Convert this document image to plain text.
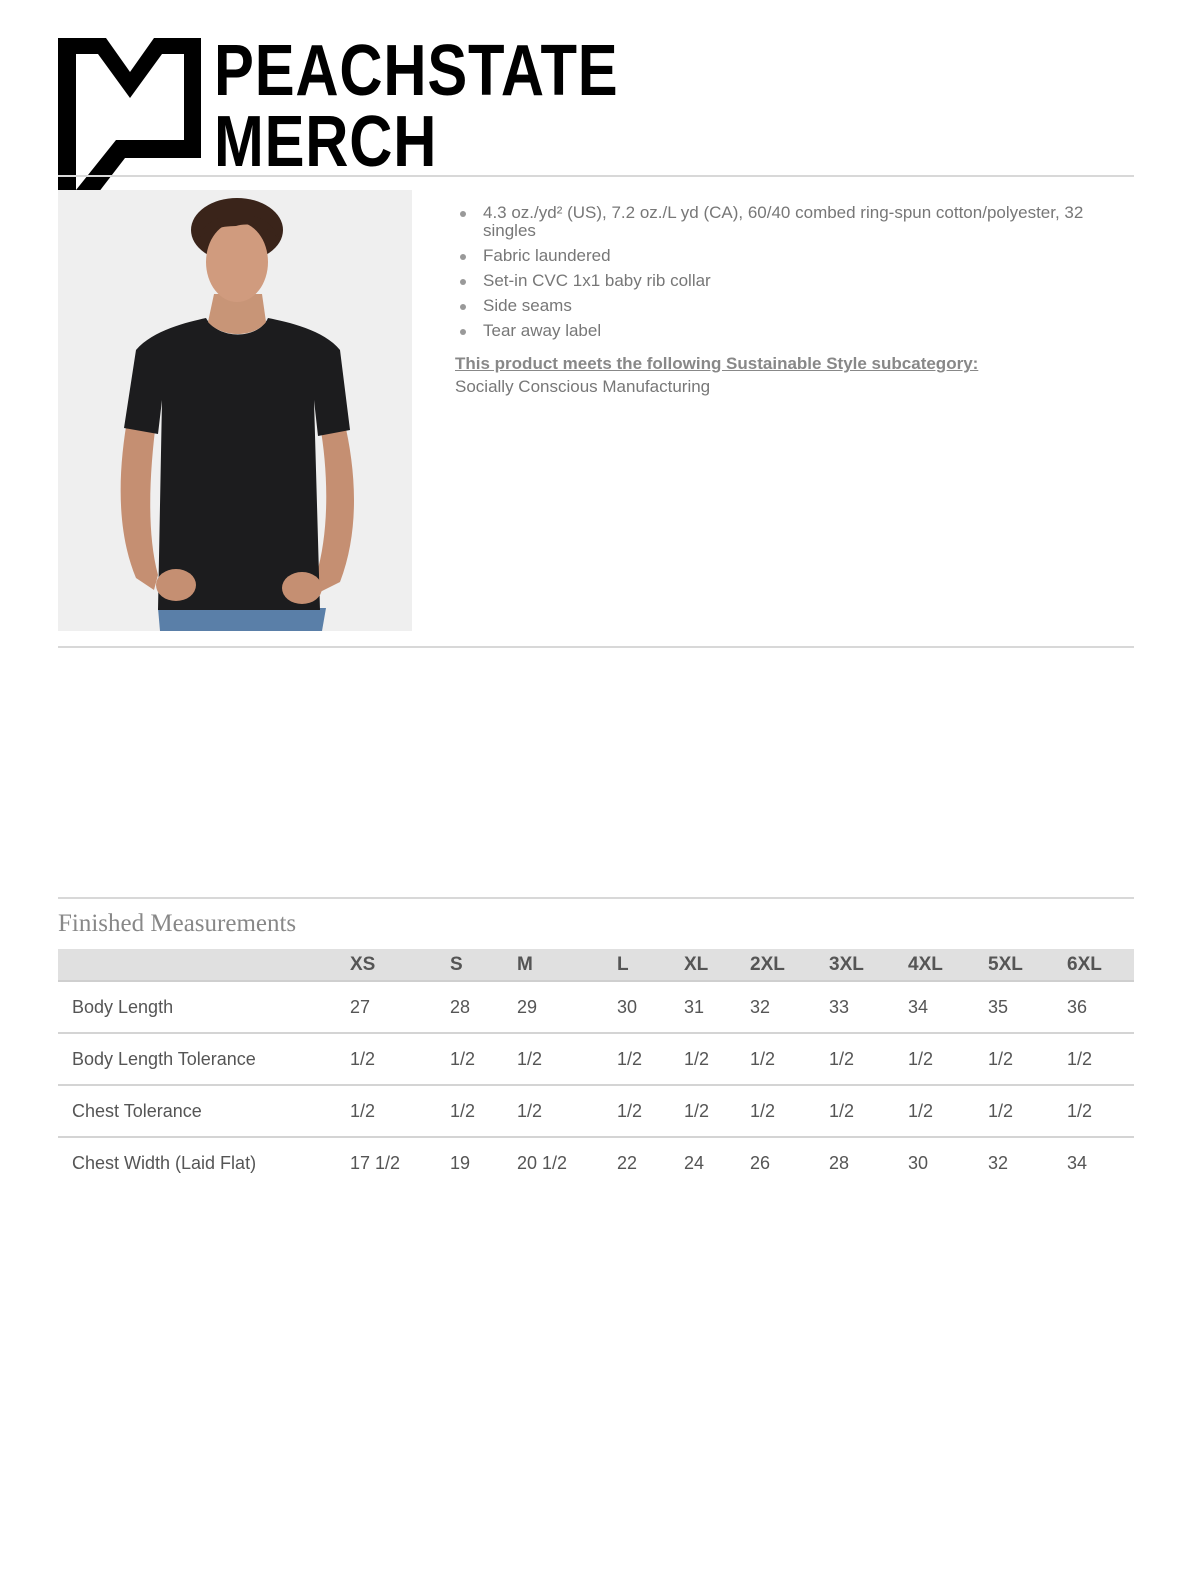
PEACHSTATE
MERCH
4.3 oz./yd² (US), 7.2 oz./L yd (CA), 60/40 combed ring-spun cotton/polyester, 32 singles
Fabric laundered
Set-in CVC 1x1 baby rib collar
Side seams
Tear away label
This product meets the following Sustainable Style subcategory:
Socially Conscious Manufacturing
Finished Measurements
	XS	S	M	L	XL	2XL	3XL	4XL	5XL	6XL
Body Length	27	28	29	30	31	32	33	34	35	36
Body Length Tolerance	1/2	1/2	1/2	1/2	1/2	1/2	1/2	1/2	1/2	1/2
Chest Tolerance	1/2	1/2	1/2	1/2	1/2	1/2	1/2	1/2	1/2	1/2
Chest Width (Laid Flat)	17 1/2	19	20 1/2	22	24	26	28	30	32	34
